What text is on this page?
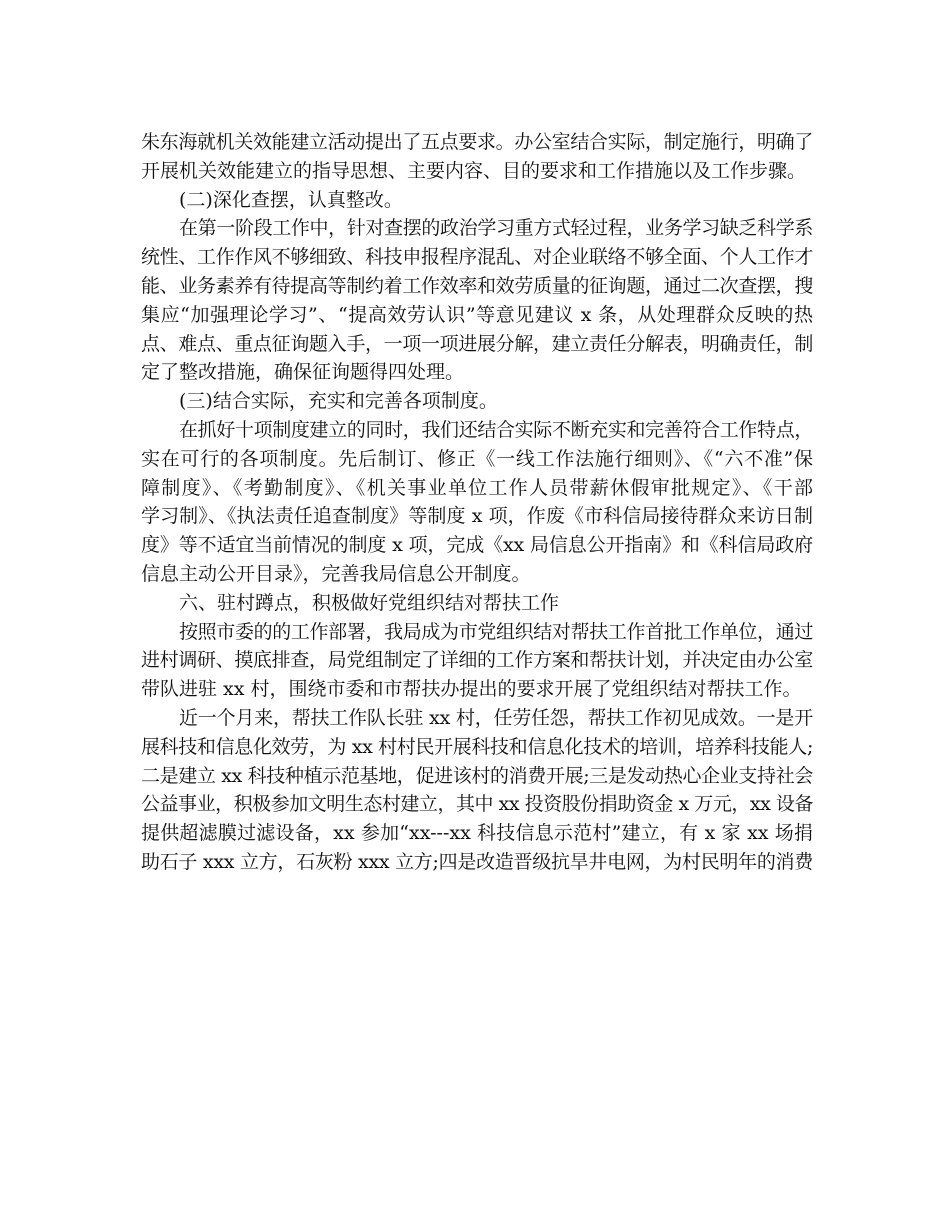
朱东海就机关效能建立活动提出了五点要求。办公室结合实际，制定施行，明确了
开展机关效能建立的指导思想、主要内容、目的要求和工作措施以及工作步骤。
(二)深化查摆，认真整改。
在第一阶段工作中，针对查摆的政治学习重方式轻过程，业务学习缺乏科学系
统性、工作作风不够细致、科技申报程序混乱、对企业联络不够全面、个人工作才
能、业务素养有待提高等制约着工作效率和效劳质量的征询题，通过二次查摆，搜
集应“加强理论学习”、“提高效劳认识”等意见建议 x 条，从处理群众反映的热
点、难点、重点征询题入手，一项一项进展分解，建立责任分解表，明确责任，制
定了整改措施，确保征询题得四处理。
(三)结合实际，充实和完善各项制度。
在抓好十项制度建立的同时，我们还结合实际不断充实和完善符合工作特点，
实在可行的各项制度。先后制订、修正《一线工作法施行细则》、《“六不准”保
障制度》、《考勤制度》、《机关事业单位工作人员带薪休假审批规定》、《干部
学习制》、《执法责任追查制度》等制度 x 项，作废《市科信局接待群众来访日制
度》等不适宜当前情况的制度 x 项，完成《xx 局信息公开指南》和《科信局政府
信息主动公开目录》，完善我局信息公开制度。
六、驻村蹲点，积极做好党组织结对帮扶工作
按照市委的的工作部署，我局成为市党组织结对帮扶工作首批工作单位，通过
进村调研、摸底排查，局党组制定了详细的工作方案和帮扶计划，并决定由办公室
带队进驻 xx 村，围绕市委和市帮扶办提出的要求开展了党组织结对帮扶工作。
近一个月来，帮扶工作队长驻 xx 村，任劳任怨，帮扶工作初见成效。一是开
展科技和信息化效劳，为 xx 村村民开展科技和信息化技术的培训，培养科技能人;
二是建立 xx 科技种植示范基地，促进该村的消费开展;三是发动热心企业支持社会
公益事业，积极参加文明生态村建立，其中 xx 投资股份捐助资金 x 万元，xx 设备
提供超滤膜过滤设备，xx 参加“xx---xx 科技信息示范村”建立，有 x 家 xx 场捐
助石子 xxx 立方，石灰粉 xxx 立方;四是改造晋级抗旱井电网，为村民明年的消费
